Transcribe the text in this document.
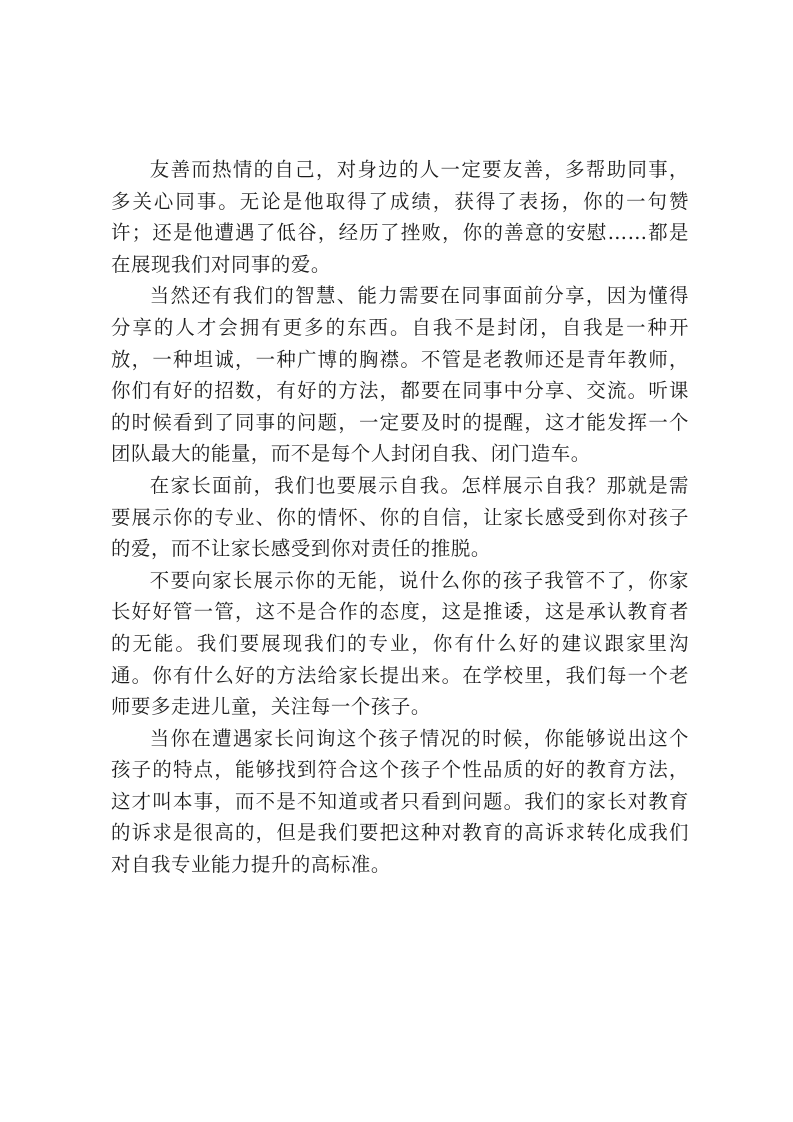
友善而热情的自己，对身边的人一定要友善，多帮助同事，多关心同事。无论是他取得了成绩，获得了表扬，你的一句赞许；还是他遭遇了低谷，经历了挫败，你的善意的安慰……都是在展现我们对同事的爱。

当然还有我们的智慧、能力需要在同事面前分享，因为懂得分享的人才会拥有更多的东西。自我不是封闭，自我是一种开放，一种坦诚，一种广博的胸襟。不管是老教师还是青年教师，你们有好的招数，有好的方法，都要在同事中分享、交流。听课的时候看到了同事的问题，一定要及时的提醒，这才能发挥一个团队最大的能量，而不是每个人封闭自我、闭门造车。

在家长面前，我们也要展示自我。怎样展示自我？那就是需要展示你的专业、你的情怀、你的自信，让家长感受到你对孩子的爱，而不让家长感受到你对责任的推脱。

不要向家长展示你的无能，说什么你的孩子我管不了，你家长好好管一管，这不是合作的态度，这是推诿，这是承认教育者的无能。我们要展现我们的专业，你有什么好的建议跟家里沟通。你有什么好的方法给家长提出来。在学校里，我们每一个老师要多走进儿童，关注每一个孩子。

当你在遭遇家长问询这个孩子情况的时候，你能够说出这个孩子的特点，能够找到符合这个孩子个性品质的好的教育方法，这才叫本事，而不是不知道或者只看到问题。我们的家长对教育的诉求是很高的，但是我们要把这种对教育的高诉求转化成我们对自我专业能力提升的高标准。
